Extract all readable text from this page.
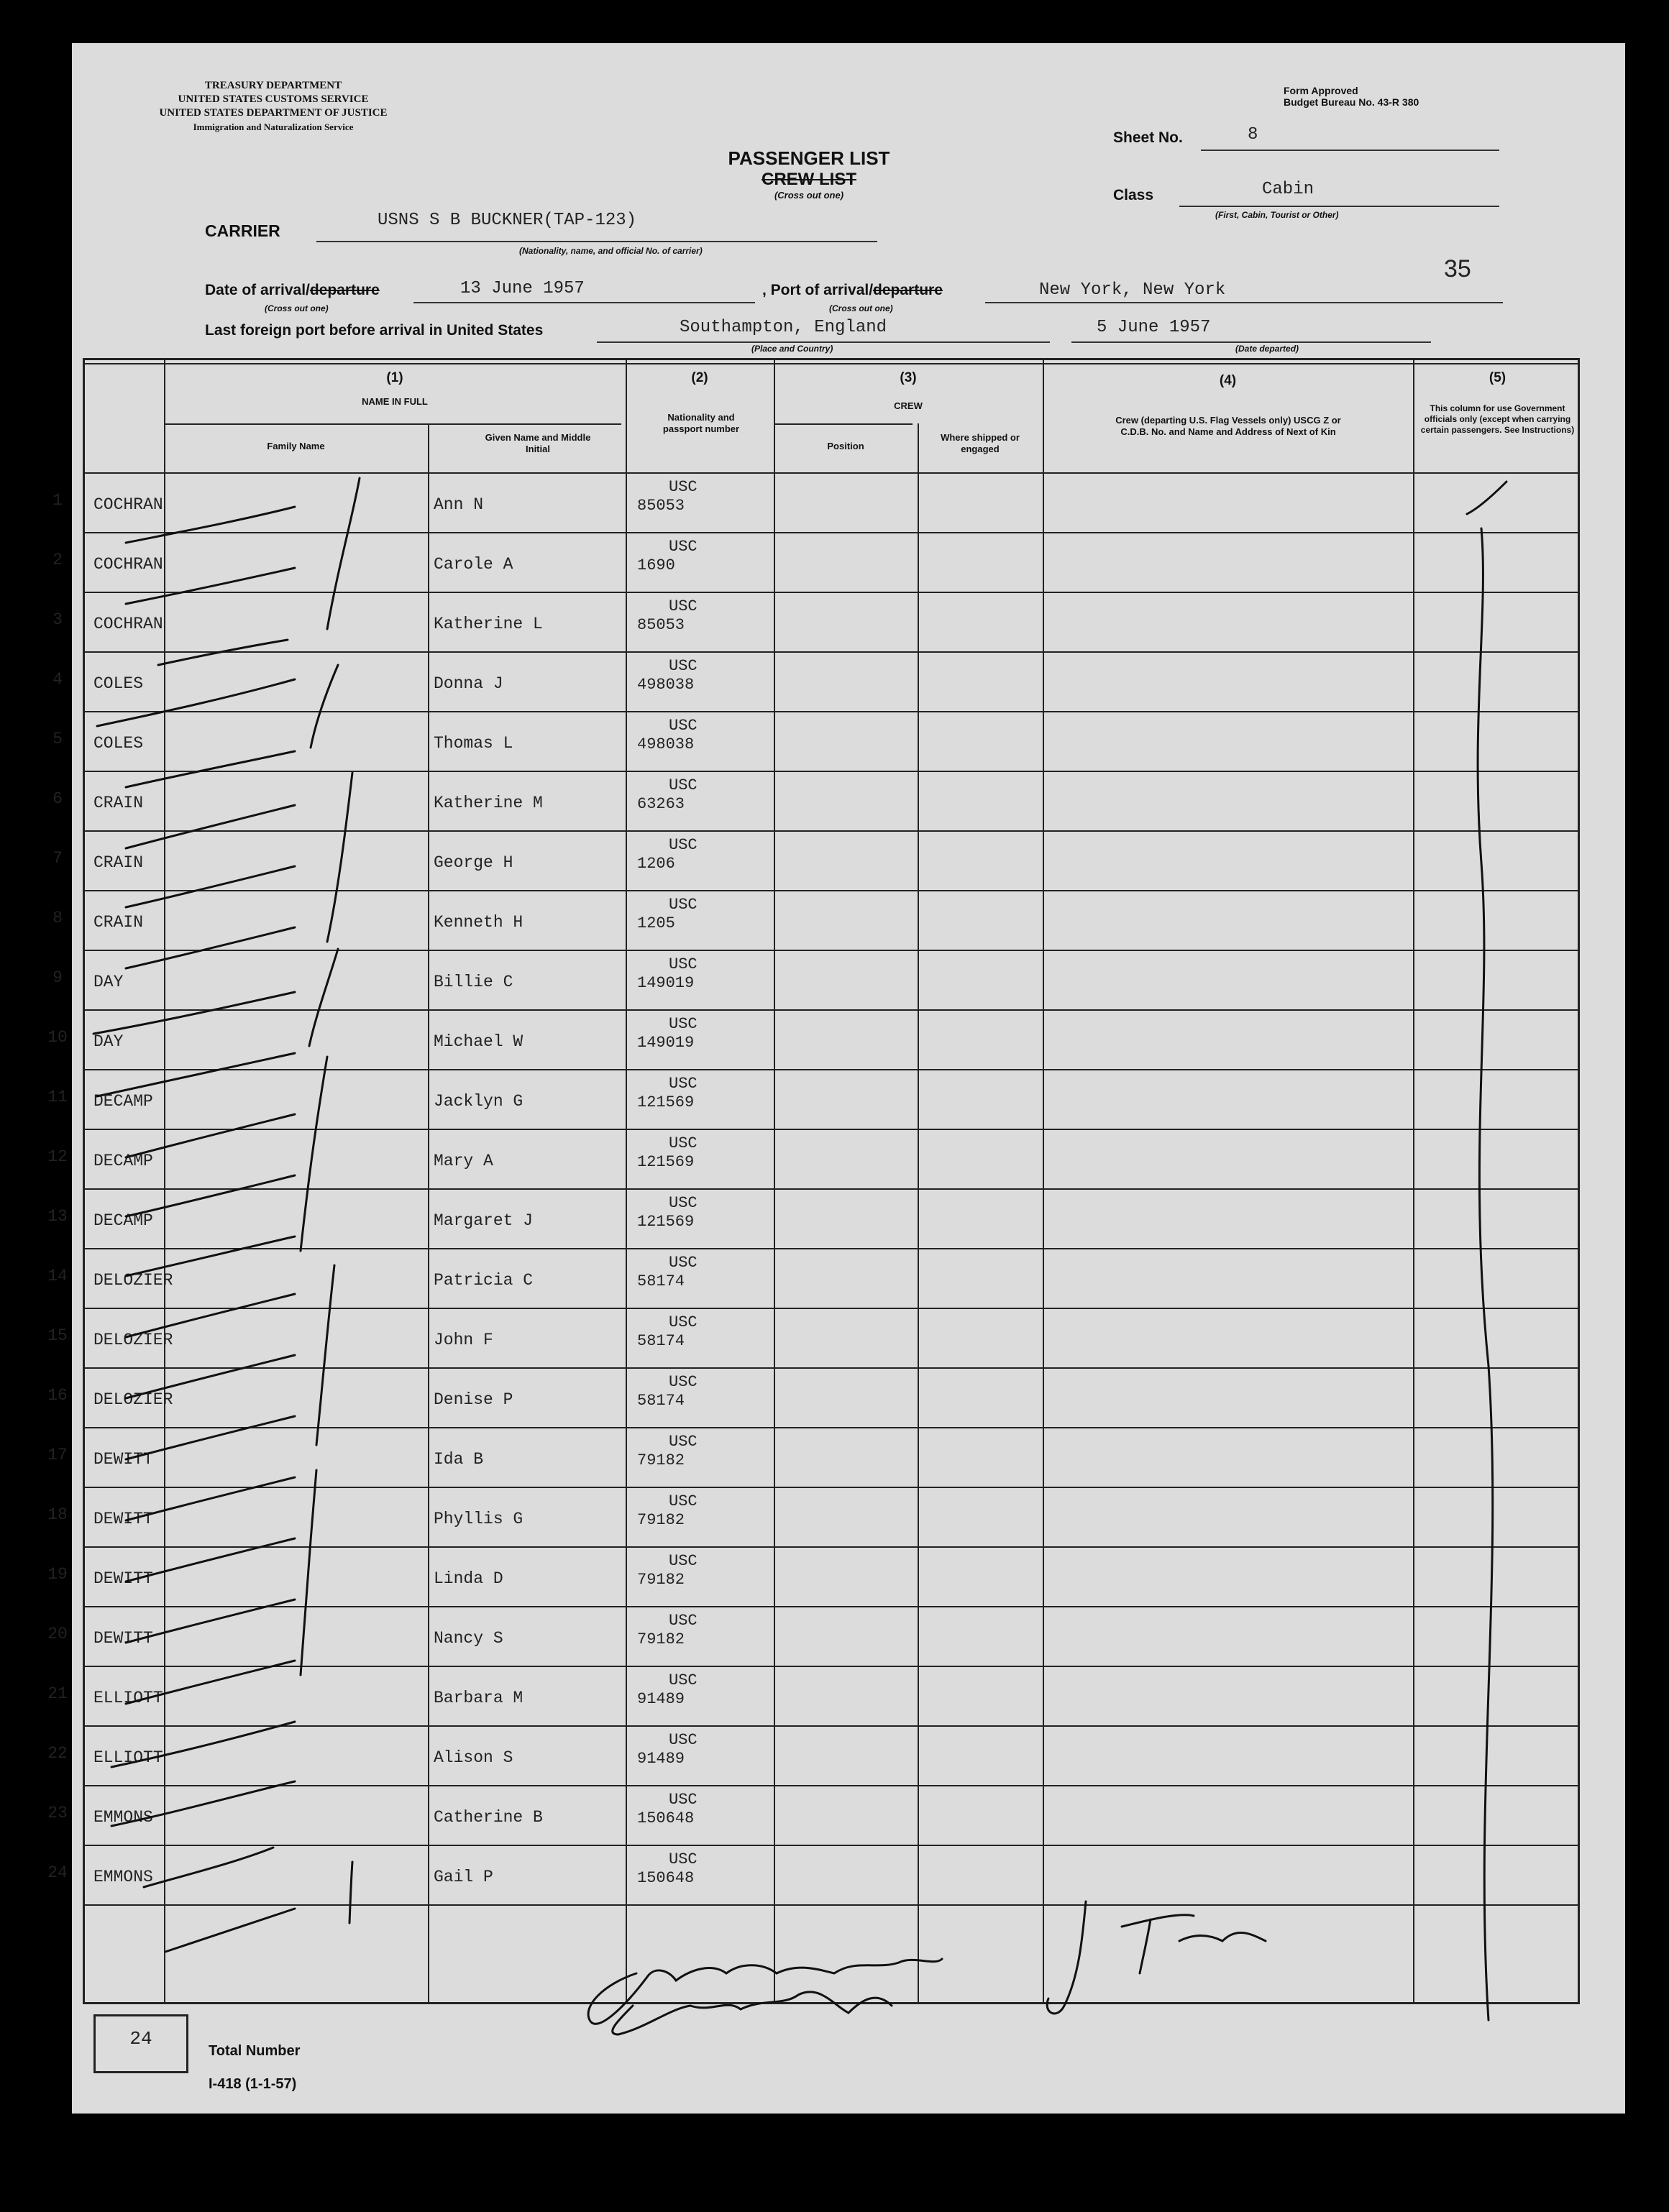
TREASURY DEPARTMENT
UNITED STATES CUSTOMS SERVICE
UNITED STATES DEPARTMENT OF JUSTICE
Immigration and Naturalization Service
Form Approved
Budget Bureau No. 43-R 380
PASSENGER LIST
CREW LIST
(Cross out one)
Sheet No.	8
Class	Cabin
(First, Cabin, Tourist or Other)
CARRIER
USNS S B BUCKNER(TAP-123)
(Nationality, name, and official No. of carrier)
Date of arrival/departure	13 June 1957
(Cross out one)
, Port of arrival/departure	New York, New York
(Cross out one)
35
Last foreign port before arrival in United States	Southampton, England
(Place and Country)
5 June 1957
(Date departed)
(1)
NAME IN FULL
Family Name
Given Name and Middle Initial
(2)
Nationality and passport number
(3)
CREW
Position
Where shipped or engaged
(4)
Crew (departing U.S. Flag Vessels only) USCG Z or C.D.B. No. and Name and Address of Next of Kin
(5)
This column for use Government officials only (except when carrying certain passengers. See Instructions)
1	COCHRAN	Ann N
USC
85053
2	COCHRAN	Carole A
USC
1690
3	COCHRAN	Katherine L
USC
85053
4	COLES	Donna J
USC
498038
5	COLES	Thomas L
USC
498038
6	CRAIN	Katherine M
USC
63263
7	CRAIN	George H
USC
1206
8	CRAIN	Kenneth H
USC
1205
9	DAY	Billie C
USC
149019
10 DAY	Michael W
USC
149019
11 DECAMP	Jacklyn G
USC
121569
12 DECAMP	Mary A
USC
121569
13 DECAMP	Margaret J
USC
121569
14 DELOZIER	Patricia C
USC
58174
15 DELOZIER	John F
USC
58174
16 DELOZIER	Denise P
USC
58174
17 DEWITT	Ida B
USC
79182
18 DEWITT	Phyllis G
USC
79182
19 DEWITT	Linda D
USC
79182
20 DEWITT	Nancy S
USC
79182
21 ELLIOTT	Barbara M
USC
91489
22 ELLIOTT	Alison S
USC
91489
23 EMMONS	Catherine B
USC
150648
24 EMMONS	Gail P
USC
150648
24
Total Number
I-418 (1-1-57)
